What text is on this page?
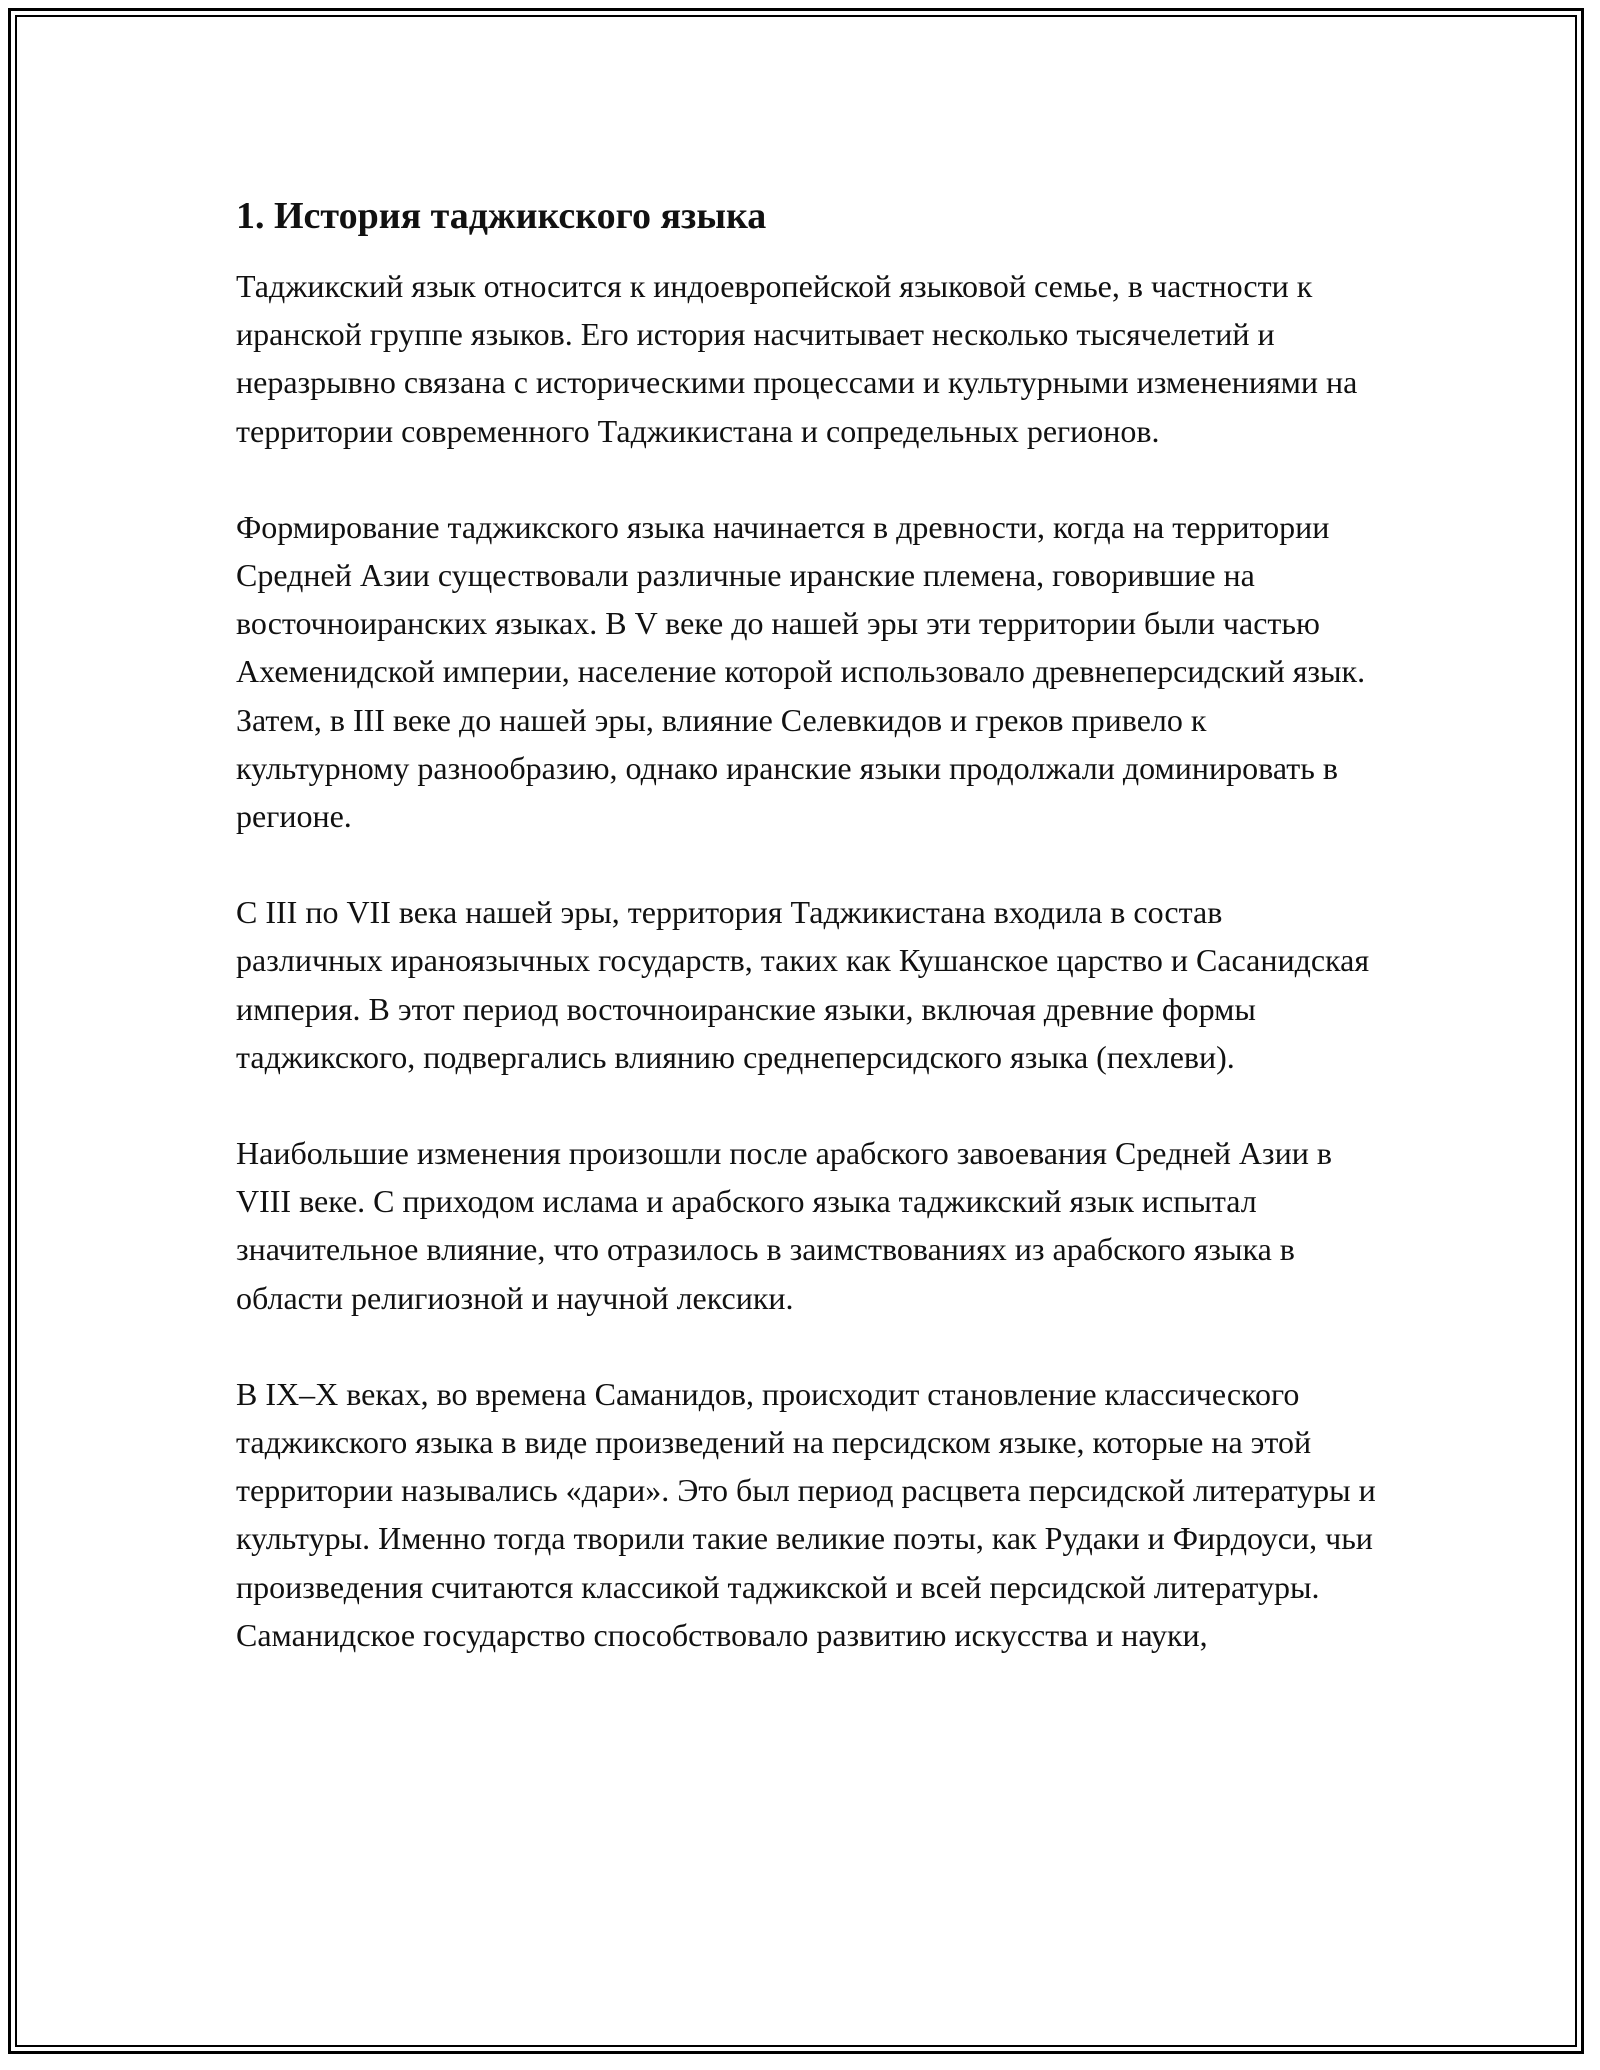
1. История таджикского языка

Таджикский язык относится к индоевропейской языковой семье, в частности к иранской группе языков. Его история насчитывает несколько тысячелетий и неразрывно связана с историческими процессами и культурными изменениями на территории современного Таджикистана и сопредельных регионов.

Формирование таджикского языка начинается в древности, когда на территории Средней Азии существовали различные иранские племена, говорившие на восточноиранских языках. В V веке до нашей эры эти территории были частью Ахеменидской империи, население которой использовало древнеперсидский язык. Затем, в III веке до нашей эры, влияние Селевкидов и греков привело к культурному разнообразию, однако иранские языки продолжали доминировать в регионе.

С III по VII века нашей эры, территория Таджикистана входила в состав различных ираноязычных государств, таких как Кушанское царство и Сасанидская империя. В этот период восточноиранские языки, включая древние формы таджикского, подвергались влиянию среднеперсидского языка (пехлеви).

Наибольшие изменения произошли после арабского завоевания Средней Азии в VIII веке. С приходом ислама и арабского языка таджикский язык испытал значительное влияние, что отразилось в заимствованиях из арабского языка в области религиозной и научной лексики.

В IX–X веках, во времена Саманидов, происходит становление классического таджикского языка в виде произведений на персидском языке, которые на этой территории назывались «дари». Это был период расцвета персидской литературы и культуры. Именно тогда творили такие великие поэты, как Рудаки и Фирдоуси, чьи произведения считаются классикой таджикской и всей персидской литературы. Саманидское государство способствовало развитию искусства и науки,
